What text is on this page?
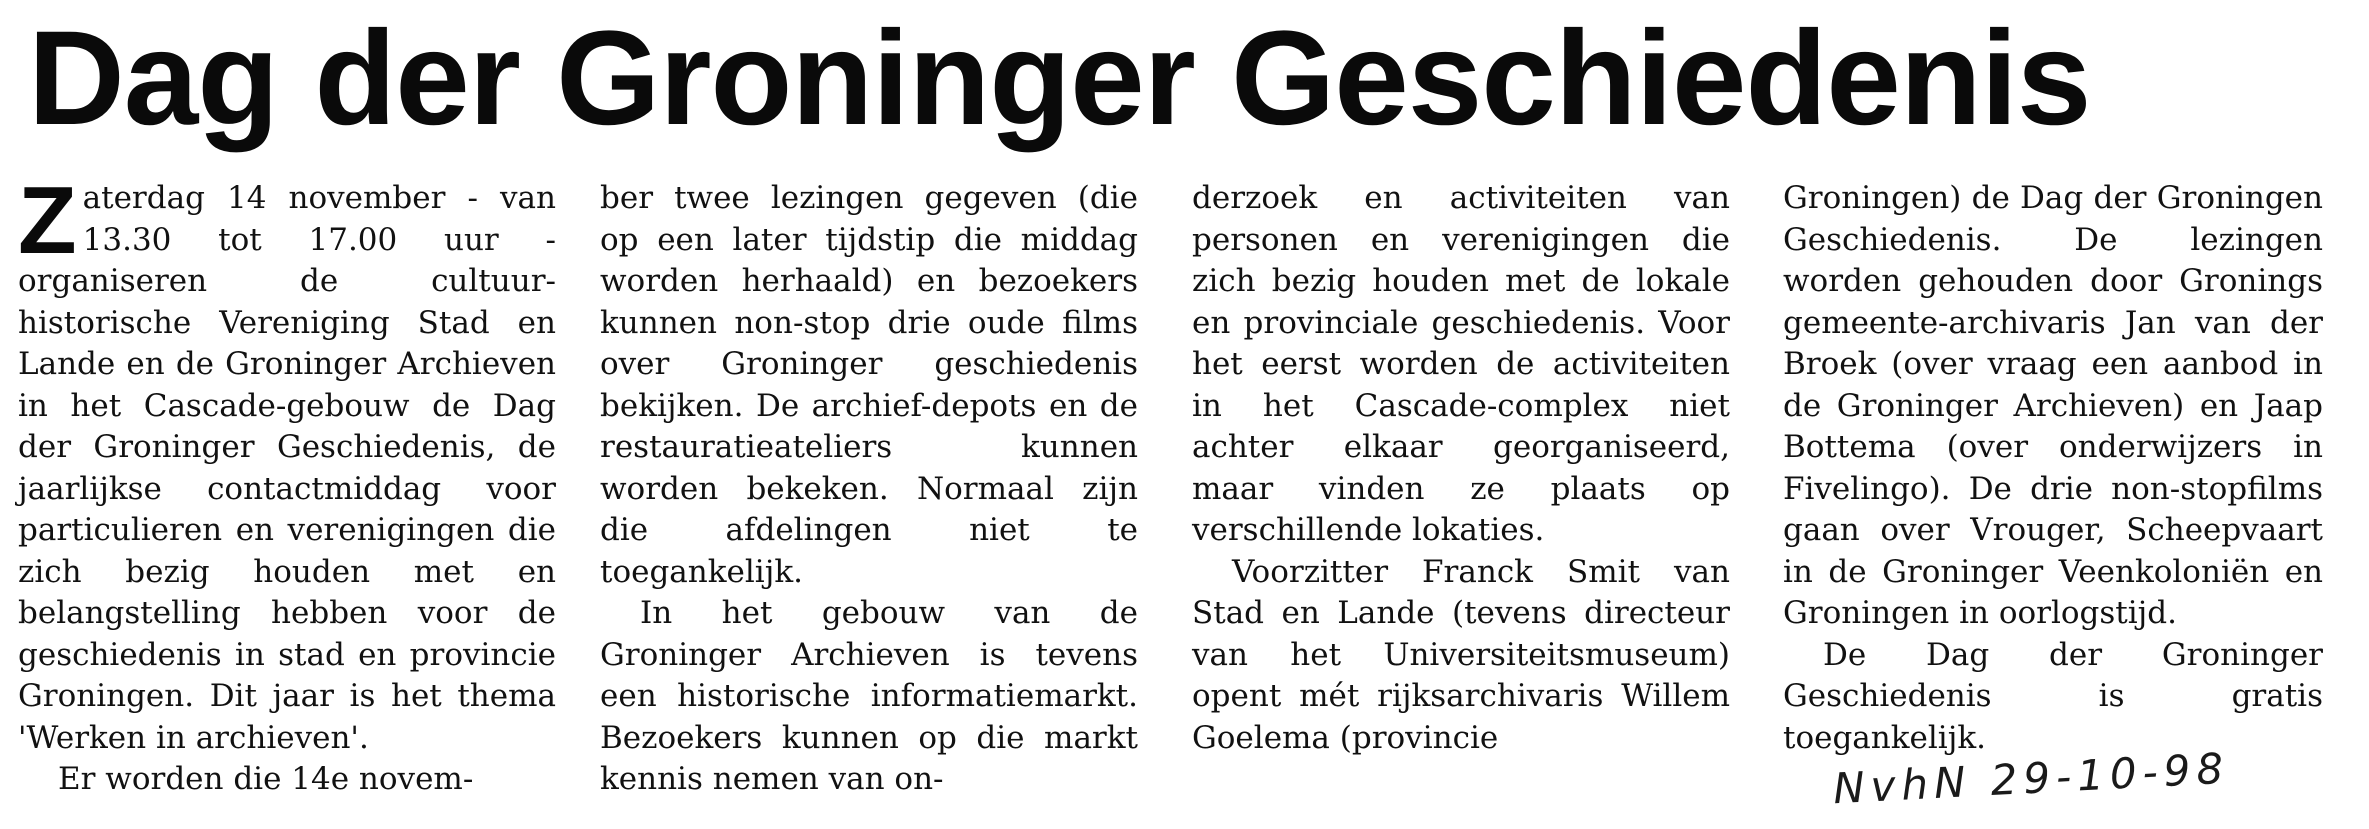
Dag der Groninger Geschiedenis

Zaterdag 14 november - van 13.30 tot 17.00 uur - organiseren de cultuur-historische Vereniging Stad en Lande en de Groninger Archieven in het Cascade-gebouw de Dag der Groninger Geschiedenis, de jaarlijkse contactmiddag voor particulieren en verenigingen die zich bezig houden met en belangstelling hebben voor de geschiedenis in stad en provincie Groningen. Dit jaar is het thema 'Werken in archieven'.

Er worden die 14e novem-

ber twee lezingen gegeven (die op een later tijdstip die middag worden herhaald) en bezoekers kunnen non-stop drie oude films over Groninger geschiedenis bekijken. De archief-depots en de restauratieateliers kunnen worden bekeken. Normaal zijn die afdelingen niet te toegankelijk.

In het gebouw van de Groninger Archieven is tevens een historische informatiemarkt. Bezoekers kunnen op die markt kennis nemen van on-

derzoek en activiteiten van personen en verenigingen die zich bezig houden met de lokale en provinciale geschiedenis. Voor het eerst worden de activiteiten in het Cascade-complex niet achter elkaar georganiseerd, maar vinden ze plaats op verschillende lokaties.

Voorzitter Franck Smit van Stad en Lande (tevens directeur van het Universiteitsmuseum) opent mét rijksarchivaris Willem Goelema (provincie

Groningen) de Dag der Groningen Geschiedenis. De lezingen worden gehouden door Gronings gemeente-archivaris Jan van der Broek (over vraag een aanbod in de Groninger Archieven) en Jaap Bottema (over onderwijzers in Fivelingo). De drie non-stopfilms gaan over Vrouger, Scheepvaart in de Groninger Veenkoloniën en Groningen in oorlogstijd.

De Dag der Groninger Geschiedenis is gratis toegankelijk.NvhN 29-10-98
